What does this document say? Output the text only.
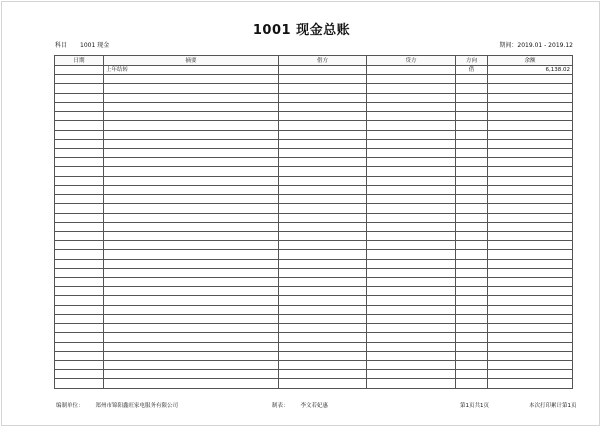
1001 现金总账
科目 1001 现金	期间：2019.01 - 2019.12
日期	摘要	借方	贷方	方向	余额
	上年结转			借	6,138.02

编制单位： 郑州市锦阳鑫旺家电服务有限公司	制表： 李文若妃惠	第1页共1页	本次打印累计第1页
